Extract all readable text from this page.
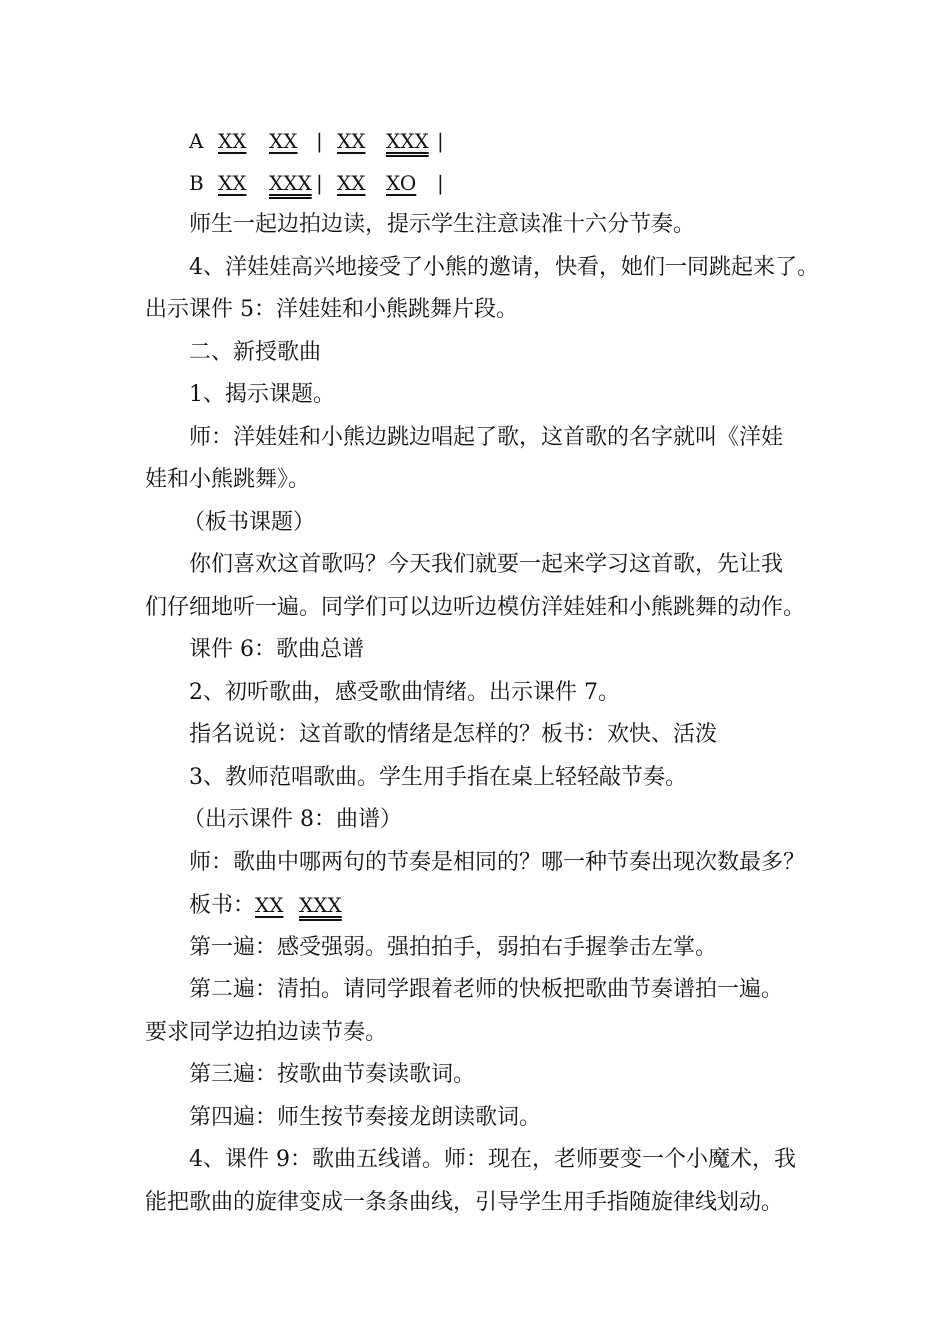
A XX XX | XX XXX |
B XX XXX | XX XO |
师生一起边拍边读，提示学生注意读准十六分节奏。
4、洋娃娃高兴地接受了小熊的邀请，快看，她们一同跳起来了。
出示课件 5：洋娃娃和小熊跳舞片段。
二、新授歌曲
1、揭示课题。
师：洋娃娃和小熊边跳边唱起了歌，这首歌的名字就叫《洋娃
娃和小熊跳舞》。
（板书课题）
你们喜欢这首歌吗？今天我们就要一起来学习这首歌，先让我
们仔细地听一遍。同学们可以边听边模仿洋娃娃和小熊跳舞的动作。
课件 6：歌曲总谱
2、初听歌曲，感受歌曲情绪。出示课件 7。
指名说说：这首歌的情绪是怎样的？板书：欢快、活泼
3、教师范唱歌曲。学生用手指在桌上轻轻敲节奏。
（出示课件 8：曲谱）
师：歌曲中哪两句的节奏是相同的？哪一种节奏出现次数最多？
板书：XX XXX
第一遍：感受强弱。强拍拍手，弱拍右手握拳击左掌。
第二遍：清拍。请同学跟着老师的快板把歌曲节奏谱拍一遍。
要求同学边拍边读节奏。
第三遍：按歌曲节奏读歌词。
第四遍：师生按节奏接龙朗读歌词。
4、课件 9：歌曲五线谱。师：现在，老师要变一个小魔术，我
能把歌曲的旋律变成一条条曲线，引导学生用手指随旋律线划动。
